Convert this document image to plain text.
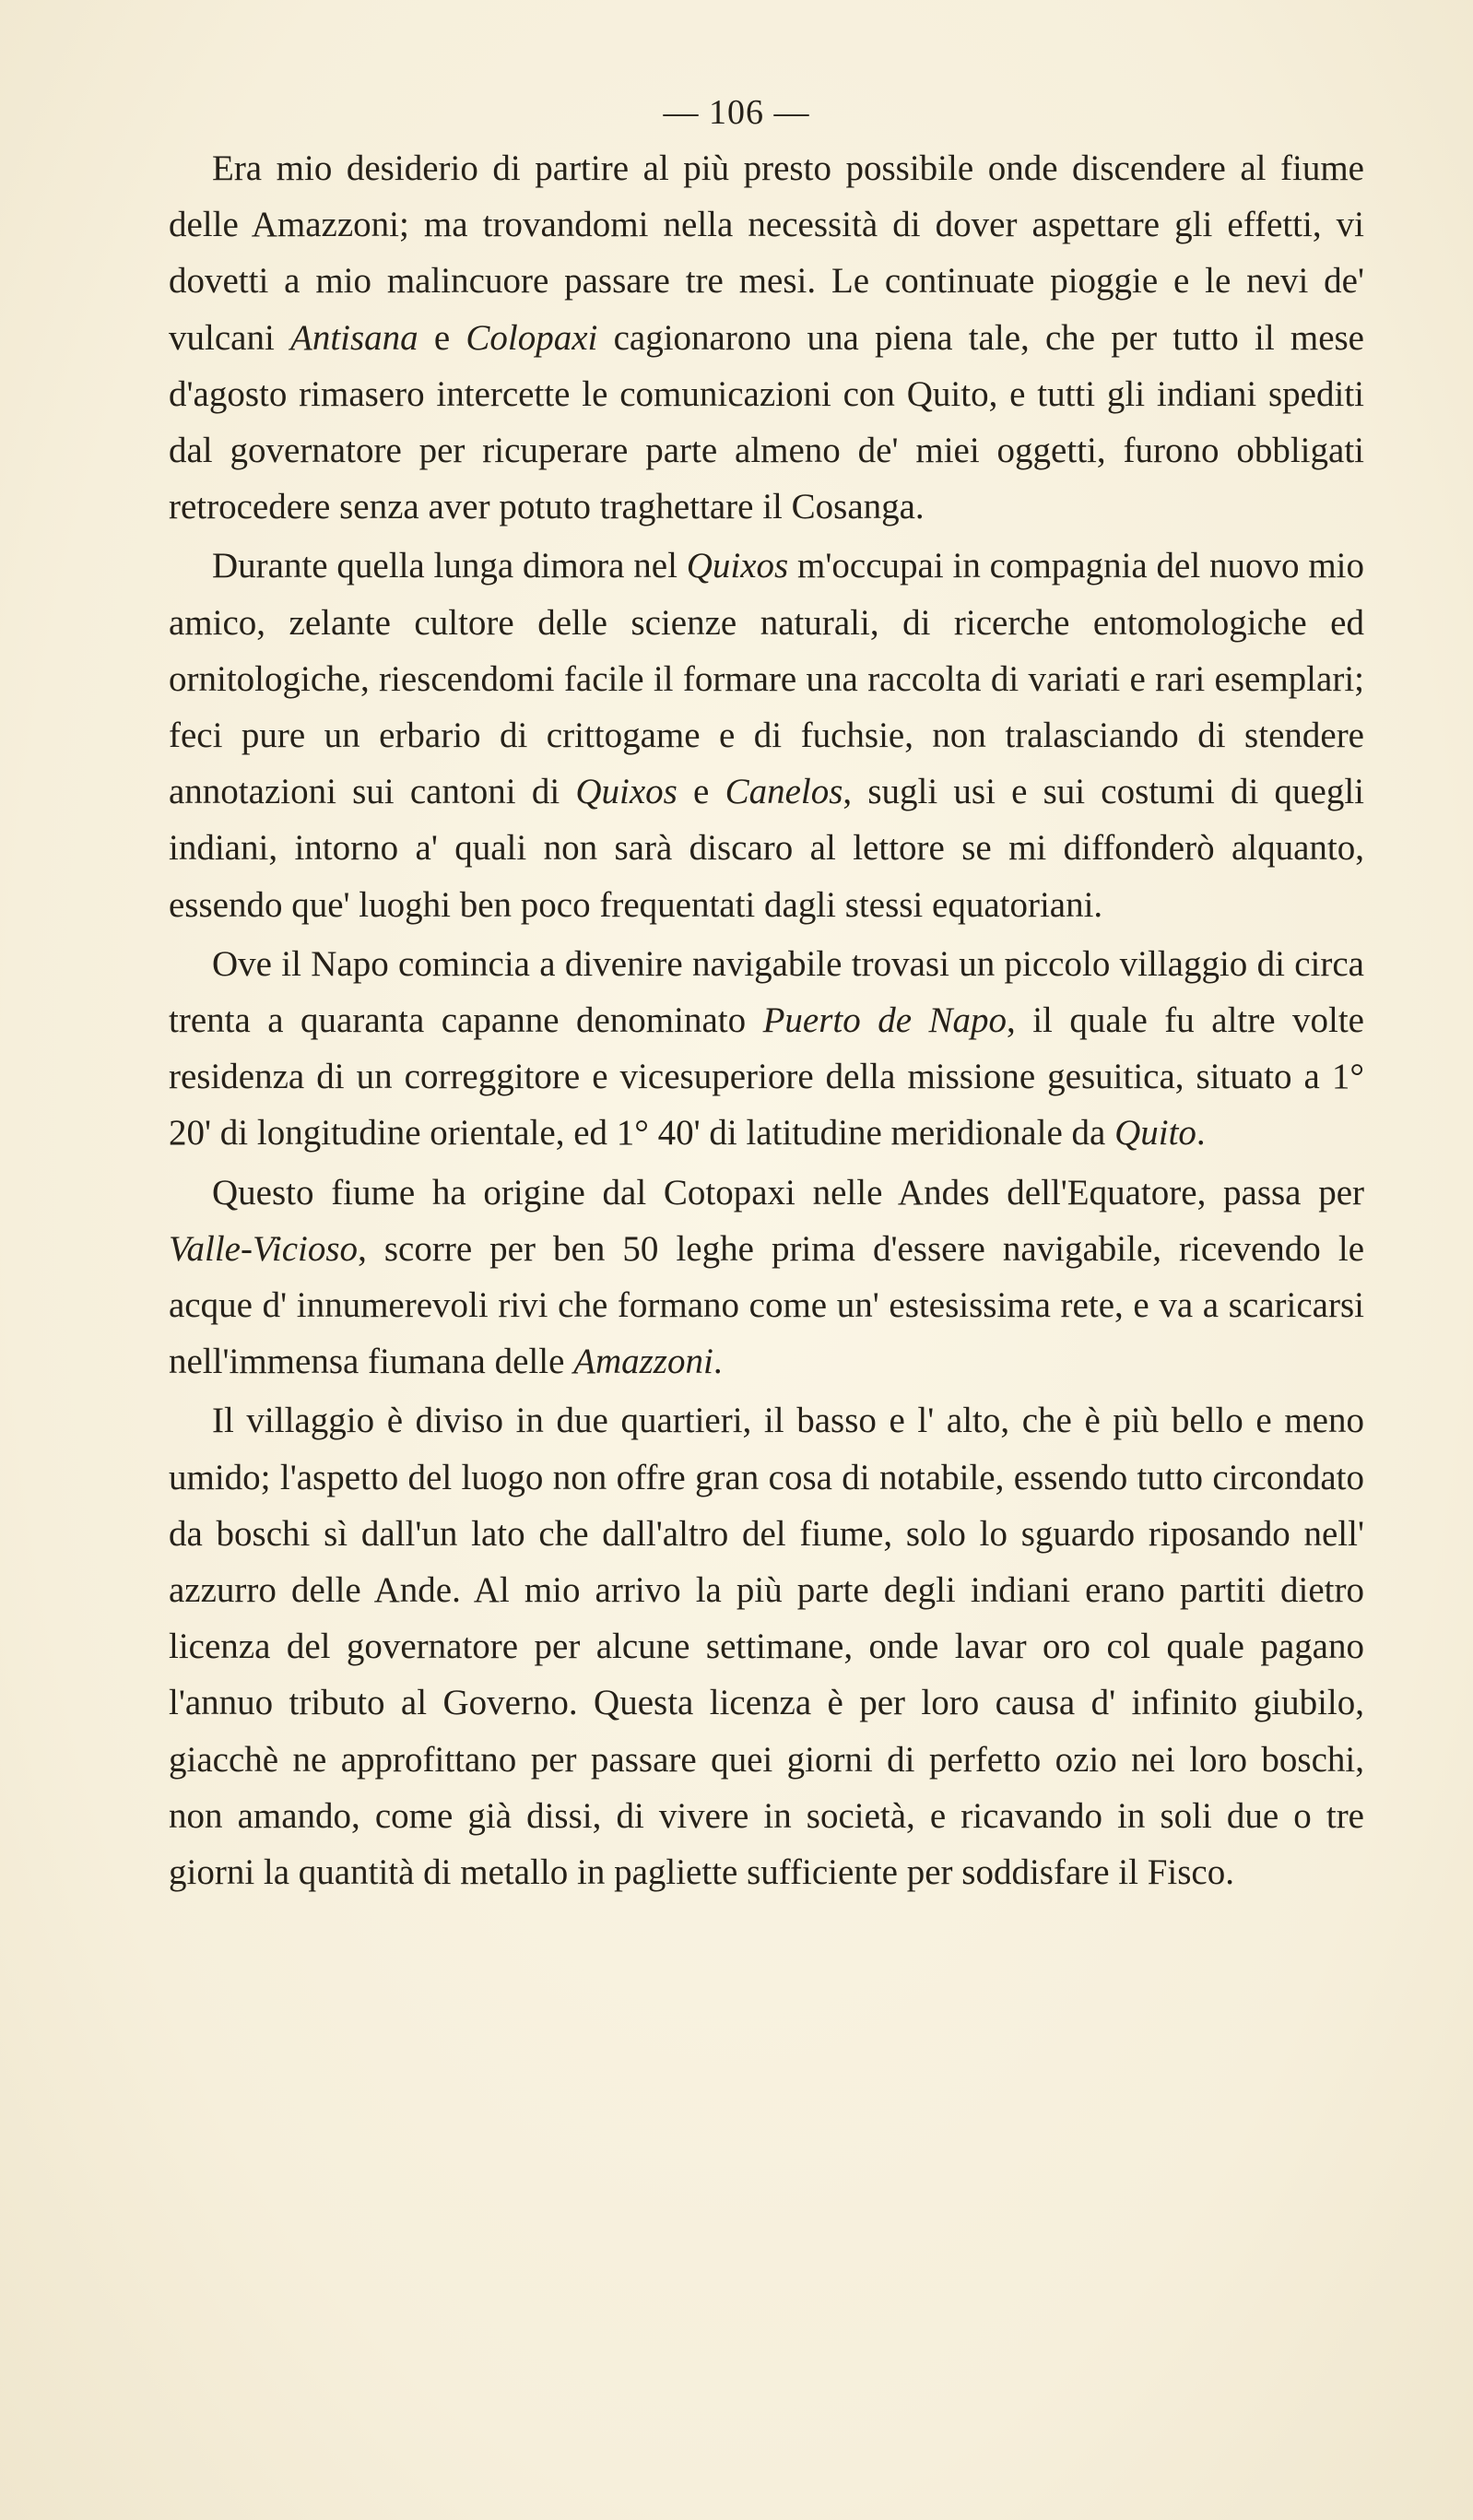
— 106 —

Era mio desiderio di partire al più presto possibile onde discendere al fiume delle Amazzoni; ma trovandomi nella necessità di dover aspettare gli effetti, vi dovetti a mio malincuore passare tre mesi. Le continuate pioggie e le nevi de' vulcani Antisana e Colopaxi cagionarono una piena tale, che per tutto il mese d'agosto rimasero intercette le comunicazioni con Quito, e tutti gli indiani spediti dal governatore per ricuperare parte almeno de' miei oggetti, furono obbligati retrocedere senza aver potuto traghettare il Cosanga.

Durante quella lunga dimora nel Quixos m'occupai in compagnia del nuovo mio amico, zelante cultore delle scienze naturali, di ricerche entomologiche ed ornitologiche, riescendomi facile il formare una raccolta di variati e rari esemplari; feci pure un erbario di crittogame e di fuchsie, non tralasciando di stendere annotazioni sui cantoni di Quixos e Canelos, sugli usi e sui costumi di quegli indiani, intorno a' quali non sarà discaro al lettore se mi diffonderò alquanto, essendo que' luoghi ben poco frequentati dagli stessi equatoriani.

Ove il Napo comincia a divenire navigabile trovasi un piccolo villaggio di circa trenta a quaranta capanne denominato Puerto de Napo, il quale fu altre volte residenza di un correggitore e vicesuperiore della missione gesuitica, situato a 1° 20' di longitudine orientale, ed 1° 40' di latitudine meridionale da Quito.

Questo fiume ha origine dal Cotopaxi nelle Andes dell'Equatore, passa per Valle-Vicioso, scorre per ben 50 leghe prima d'essere navigabile, ricevendo le acque d' innumerevoli rivi che formano come un' estesissima rete, e va a scaricarsi nell'immensa fiumana delle Amazzoni.

Il villaggio è diviso in due quartieri, il basso e l' alto, che è più bello e meno umido; l'aspetto del luogo non offre gran cosa di notabile, essendo tutto circondato da boschi sì dall'un lato che dall'altro del fiume, solo lo sguardo riposando nell' azzurro delle Ande. Al mio arrivo la più parte degli indiani erano partiti dietro licenza del governatore per alcune settimane, onde lavar oro col quale pagano l'annuo tributo al Governo. Questa licenza è per loro causa d' infinito giubilo, giacchè ne approfittano per passare quei giorni di perfetto ozio nei loro boschi, non amando, come già dissi, di vivere in società, e ricavando in soli due o tre giorni la quantità di metallo in pagliette sufficiente per soddisfare il Fisco.
